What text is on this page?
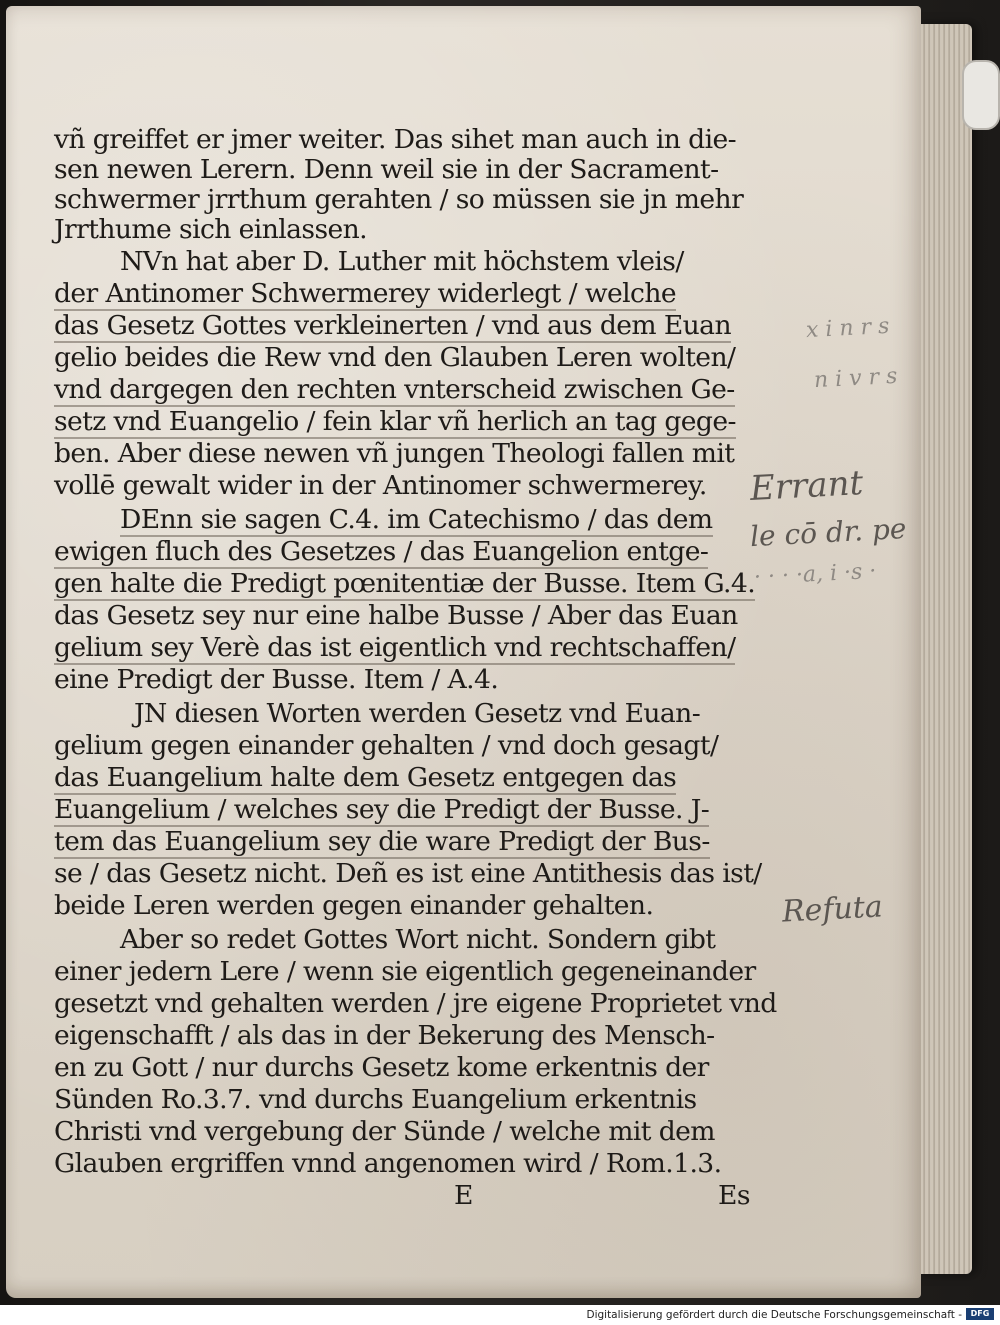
vñ greiffet er jmer weiter. Das sihet man auch in die-
sen newen Lerern. Denn weil sie in der Sacrament-
schwermer jrrthum gerahten / so müssen sie jn mehr
Jrrthume sich einlassen.
NVn hat aber D. Luther mit höchstem vleis/
der Antinomer Schwermerey widerlegt / welche
das Gesetz Gottes verkleinerten / vnd aus dem Euan
gelio beides die Rew vnd den Glauben Leren wolten/
vnd dargegen den rechten vnterscheid zwischen Ge-
setz vnd Euangelio / fein klar vñ herlich an tag gege-
ben. Aber diese newen vñ jungen Theologi fallen mit
vollē gewalt wider in der Antinomer schwermerey.
DEnn sie sagen C.4. im Catechismo / das dem
ewigen fluch des Gesetzes / das Euangelion entge-
gen halte die Predigt pœnitentiæ der Busse. Item G.4.
das Gesetz sey nur eine halbe Busse / Aber das Euan
gelium sey Verè das ist eigentlich vnd rechtschaffen/
eine Predigt der Busse. Item / A.4.
JN diesen Worten werden Gesetz vnd Euan-
gelium gegen einander gehalten / vnd doch gesagt/
das Euangelium halte dem Gesetz entgegen das
Euangelium / welches sey die Predigt der Busse. J-
tem das Euangelium sey die ware Predigt der Bus-
se / das Gesetz nicht. Deñ es ist eine Antithesis das ist/
beide Leren werden gegen einander gehalten.
Aber so redet Gottes Wort nicht. Sondern gibt
einer jedern Lere / wenn sie eigentlich gegeneinander
gesetzt vnd gehalten werden / jre eigene Proprietet vnd
eigenschafft / als das in der Bekerung des Mensch-
en zu Gott / nur durchs Gesetz kome erkentnis der
Sünden Ro.3.7. vnd durchs Euangelium erkentnis
Christi vnd vergebung der Sünde / welche mit dem
Glauben ergriffen vnnd angenomen wird / Rom.1.3.
E	Es
x i n r s
n i v r s
Errant
le cō dr. pe
· · · ·a, i ·s ·
Refuta
Digitalisierung gefördert durch die Deutsche Forschungsgemeinschaft -	DFG
